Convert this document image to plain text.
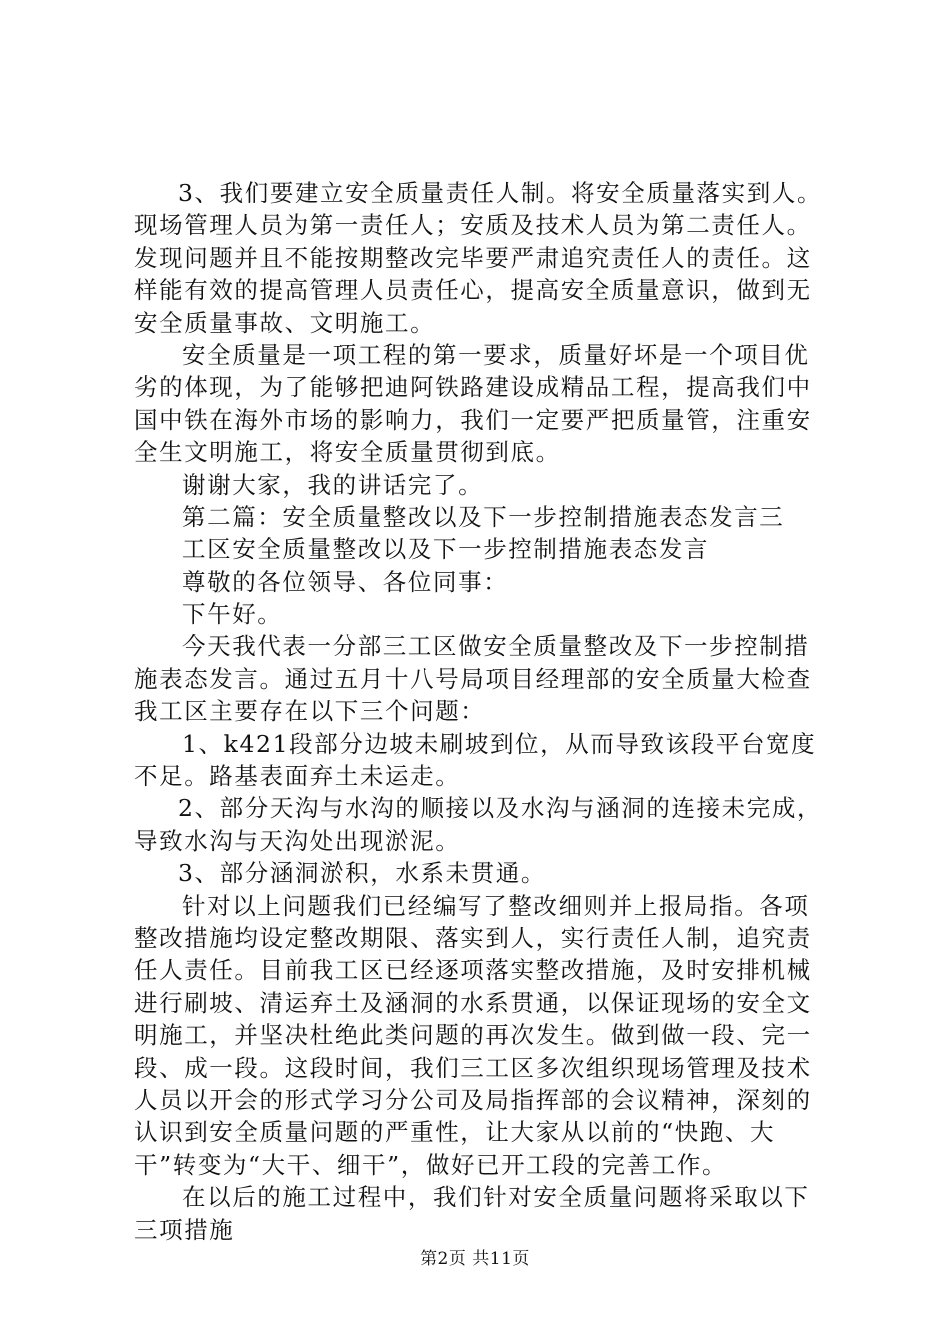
3、我们要建立安全质量责任人制。将安全质量落实到人。
现场管理人员为第一责任人；安质及技术人员为第二责任人。
发现问题并且不能按期整改完毕要严肃追究责任人的责任。这
样能有效的提高管理人员责任心，提高安全质量意识，做到无
安全质量事故、文明施工。
安全质量是一项工程的第一要求，质量好坏是一个项目优
劣的体现，为了能够把迪阿铁路建设成精品工程，提高我们中
国中铁在海外市场的影响力，我们一定要严把质量管，注重安
全生文明施工，将安全质量贯彻到底。
谢谢大家，我的讲话完了。
第二篇：安全质量整改以及下一步控制措施表态发言三
工区安全质量整改以及下一步控制措施表态发言
尊敬的各位领导、各位同事：
下午好。
今天我代表一分部三工区做安全质量整改及下一步控制措
施表态发言。通过五月十八号局项目经理部的安全质量大检查
我工区主要存在以下三个问题：
1、k421段部分边坡未刷坡到位，从而导致该段平台宽度
不足。路基表面弃土未运走。
2、部分天沟与水沟的顺接以及水沟与涵洞的连接未完成，
导致水沟与天沟处出现淤泥。
3、部分涵洞淤积，水系未贯通。
针对以上问题我们已经编写了整改细则并上报局指。各项
整改措施均设定整改期限、落实到人，实行责任人制，追究责
任人责任。目前我工区已经逐项落实整改措施，及时安排机械
进行刷坡、清运弃土及涵洞的水系贯通，以保证现场的安全文
明施工，并坚决杜绝此类问题的再次发生。做到做一段、完一
段、成一段。这段时间，我们三工区多次组织现场管理及技术
人员以开会的形式学习分公司及局指挥部的会议精神，深刻的
认识到安全质量问题的严重性，让大家从以前的“快跑、大
干”转变为“大干、细干”，做好已开工段的完善工作。
在以后的施工过程中，我们针对安全质量问题将采取以下
三项措施
第2页 共11页
